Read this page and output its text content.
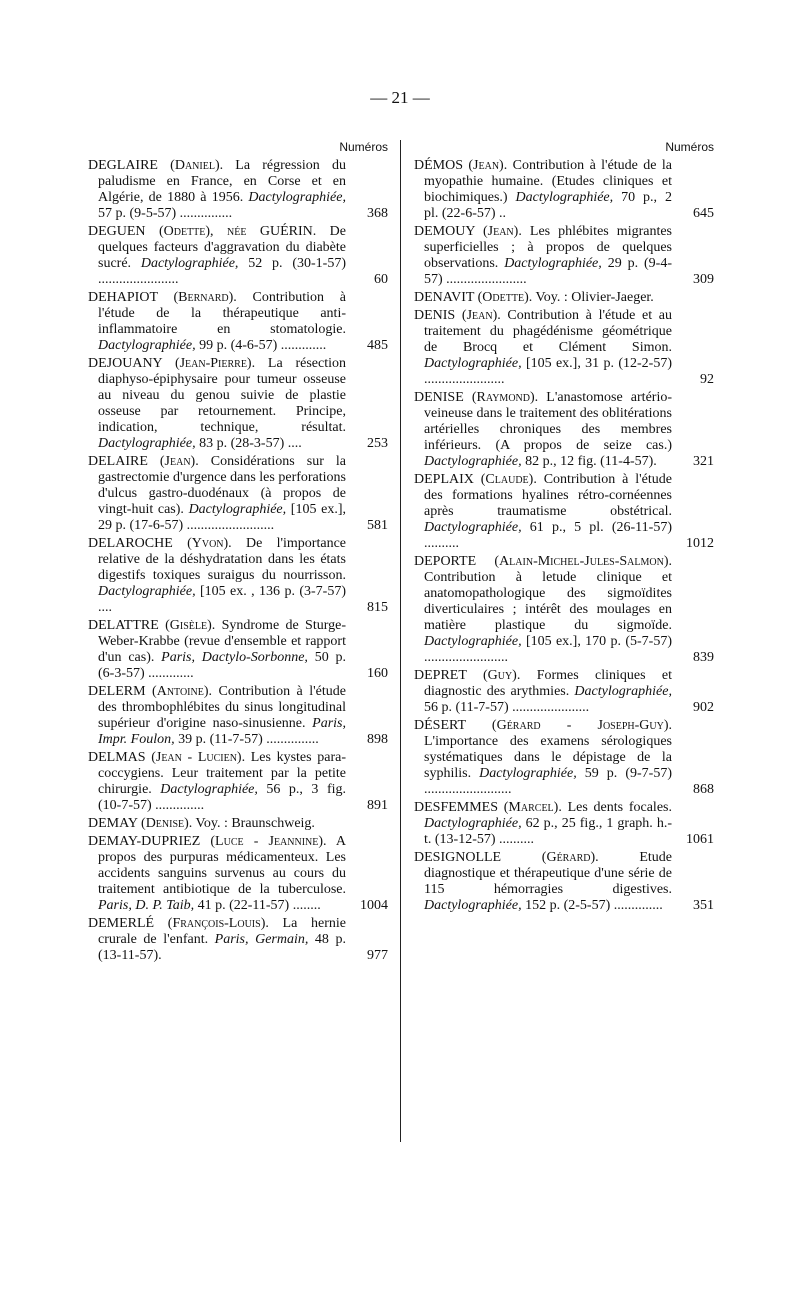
— 21 —
Numéros
DEGLAIRE (Daniel). La régression du paludisme en France, en Corse et en Algérie, de 1880 à 1956. Dactylographiée, 57 p. (9-5-57) ...............	368
DEGUEN (Odette), née GUÉRIN. De quelques facteurs d'aggravation du diabète sucré. Dactylographiée, 52 p. (30-1-57) .......................	60
DEHAPIOT (Bernard). Contribution à l'étude de la thérapeutique anti-inflammatoire en stomatologie. Dactylographiée, 99 p. (4-6-57) .............	485
DEJOUANY (Jean-Pierre). La résection diaphyso-épiphysaire pour tumeur osseuse au niveau du genou suivie de plastie osseuse par retournement. Principe, indication, technique, résultat. Dactylographiée, 83 p. (28-3-57) ....	253
DELAIRE (Jean). Considérations sur la gastrectomie d'urgence dans les perforations d'ulcus gastro-duodénaux (à propos de vingt-huit cas). Dactylographiée, [105 ex.], 29 p. (17-6-57) .........................	581
DELAROCHE (Yvon). De l'importance relative de la déshydratation dans les états digestifs toxiques suraigus du nourrisson. Dactylographiée, [105 ex. , 136 p. (3-7-57) ....	815
DELATTRE (Gisèle). Syndrome de Sturge-Weber-Krabbe (revue d'ensemble et rapport d'un cas). Paris, Dactylo-Sorbonne, 50 p. (6-3-57) .............	160
DELERM (Antoine). Contribution à l'étude des thrombophlébites du sinus longitudinal supérieur d'origine naso-sinusienne. Paris, Impr. Foulon, 39 p. (11-7-57) ...............	898
DELMAS (Jean - Lucien). Les kystes para-coccygiens. Leur traitement par la petite chirurgie. Dactylographiée, 56 p., 3 fig. (10-7-57) ..............	891
DEMAY (Denise). Voy. : Braunschweig.
DEMAY-DUPRIEZ (Luce - Jeannine). A propos des purpuras médicamenteux. Les accidents sanguins survenus au cours du traitement antibiotique de la tuberculose. Paris, D. P. Taib, 41 p. (22-11-57) ........	1004
DEMERLÉ (François-Louis). La hernie crurale de l'enfant. Paris, Germain, 48 p. (13-11-57).	977
Numéros
DÉMOS (Jean). Contribution à l'étude de la myopathie humaine. (Etudes cliniques et biochimiques.) Dactylographiée, 70 p., 2 pl. (22-6-57) ..	645
DEMOUY (Jean). Les phlébites migrantes superficielles ; à propos de quelques observations. Dactylographiée, 29 p. (9-4-57) .......................	309
DENAVIT (Odette). Voy. : Olivier-Jaeger.
DENIS (Jean). Contribution à l'étude et au traitement du phagédénisme géométrique de Brocq et Clément Simon. Dactylographiée, [105 ex.], 31 p. (12-2-57) .......................	92
DENISE (Raymond). L'anastomose artério-veineuse dans le traitement des oblitérations artérielles chroniques des membres inférieurs. (A propos de seize cas.) Dactylographiée, 82 p., 12 fig. (11-4-57).	321
DEPLAIX (Claude). Contribution à l'étude des formations hyalines rétro-cornéennes après traumatisme obstétrical. Dactylographiée, 61 p., 5 pl. (26-11-57) ..........	1012
DEPORTE (Alain-Michel-Jules-Salmon). Contribution à letude clinique et anatomopathologique des sigmoïdites diverticulaires ; intérêt des moulages en matière plastique du sigmoïde. Dactylographiée, [105 ex.], 170 p. (5-7-57) ........................	839
DEPRET (Guy). Formes cliniques et diagnostic des arythmies. Dactylographiée, 56 p. (11-7-57) ......................	902
DÉSERT (Gérard - Joseph-Guy). L'importance des examens sérologiques systématiques dans le dépistage de la syphilis. Dactylographiée, 59 p. (9-7-57) .........................	868
DESFEMMES (Marcel). Les dents focales. Dactylographiée, 62 p., 25 fig., 1 graph. h.-t. (13-12-57) ..........	1061
DESIGNOLLE (Gérard). Etude diagnostique et thérapeutique d'une série de 115 hémorragies digestives. Dactylographiée, 152 p. (2-5-57) ..............	351
